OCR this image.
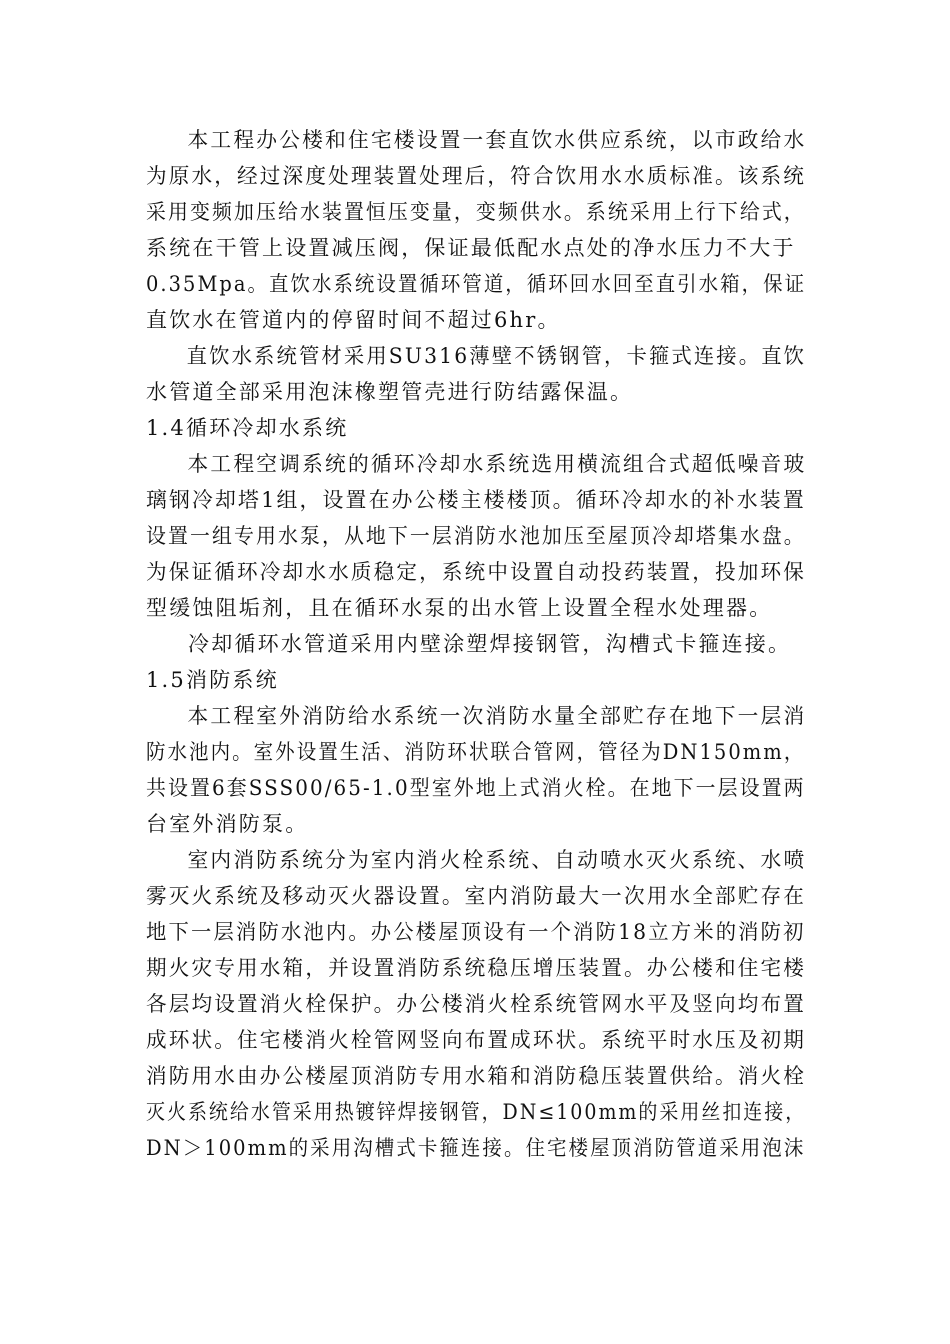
本工程办公楼和住宅楼设置一套直饮水供应系统，以市政给水
为原水，经过深度处理装置处理后，符合饮用水水质标准。该系统
采用变频加压给水装置恒压变量，变频供水。系统采用上行下给式，
系统在干管上设置减压阀，保证最低配水点处的净水压力不大于
0.35Mpa。直饮水系统设置循环管道，循环回水回至直引水箱，保证
直饮水在管道内的停留时间不超过6hr。
直饮水系统管材采用SU316薄壁不锈钢管，卡箍式连接。直饮
水管道全部采用泡沫橡塑管壳进行防结露保温。
1.4循环冷却水系统
本工程空调系统的循环冷却水系统选用横流组合式超低噪音玻
璃钢冷却塔1组，设置在办公楼主楼楼顶。循环冷却水的补水装置
设置一组专用水泵，从地下一层消防水池加压至屋顶冷却塔集水盘。
为保证循环冷却水水质稳定，系统中设置自动投药装置，投加环保
型缓蚀阻垢剂，且在循环水泵的出水管上设置全程水处理器。
冷却循环水管道采用内壁涂塑焊接钢管，沟槽式卡箍连接。
1.5消防系统
本工程室外消防给水系统一次消防水量全部贮存在地下一层消
防水池内。室外设置生活、消防环状联合管网，管径为DN150mm，
共设置6套SSS00/65-1.0型室外地上式消火栓。在地下一层设置两
台室外消防泵。
室内消防系统分为室内消火栓系统、自动喷水灭火系统、水喷
雾灭火系统及移动灭火器设置。室内消防最大一次用水全部贮存在
地下一层消防水池内。办公楼屋顶设有一个消防18立方米的消防初
期火灾专用水箱，并设置消防系统稳压增压装置。办公楼和住宅楼
各层均设置消火栓保护。办公楼消火栓系统管网水平及竖向均布置
成环状。住宅楼消火栓管网竖向布置成环状。系统平时水压及初期
消防用水由办公楼屋顶消防专用水箱和消防稳压装置供给。消火栓
灭火系统给水管采用热镀锌焊接钢管，DN≤100mm的采用丝扣连接，
DN＞100mm的采用沟槽式卡箍连接。住宅楼屋顶消防管道采用泡沫
